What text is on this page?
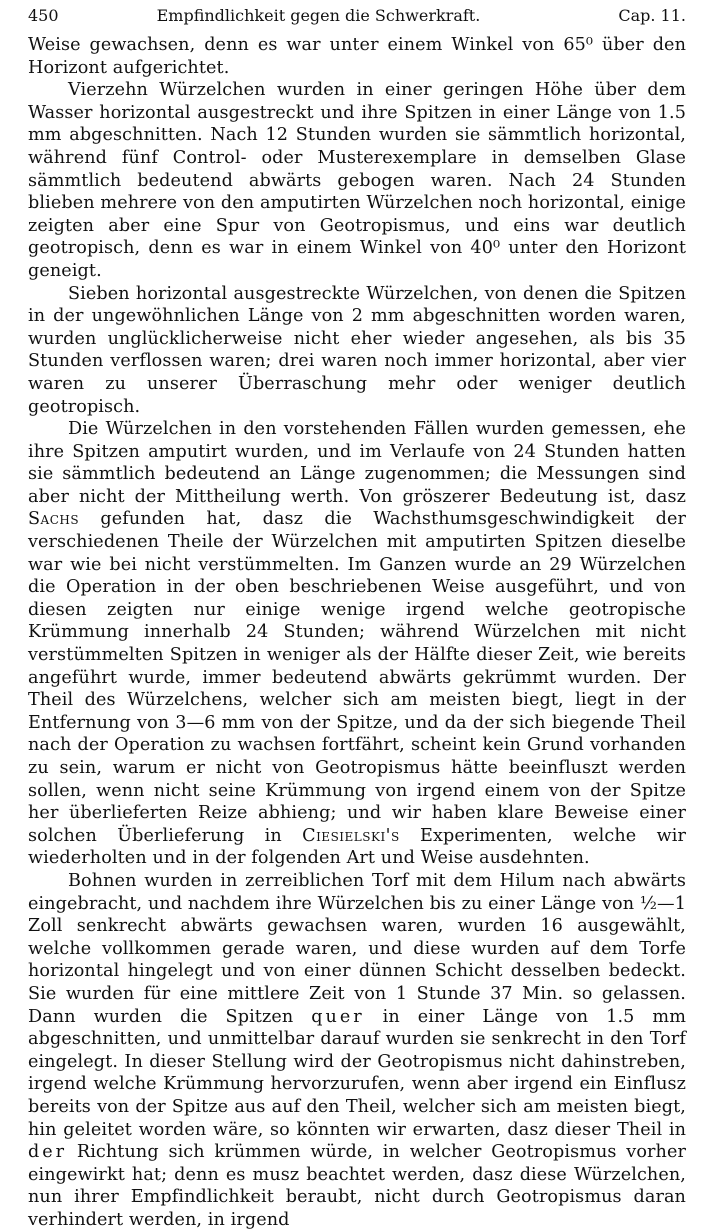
450	Empfindlichkeit gegen die Schwerkraft.	Cap. 11.

Weise gewachsen, denn es war unter einem Winkel von 65⁰ über den Horizont aufgerichtet.

Vierzehn Würzelchen wurden in einer geringen Höhe über dem Wasser horizontal ausgestreckt und ihre Spitzen in einer Länge von 1.5 mm abgeschnitten. Nach 12 Stunden wurden sie sämmtlich horizontal, während fünf Control- oder Musterexemplare in demselben Glase sämmtlich bedeutend abwärts gebogen waren. Nach 24 Stunden blieben mehrere von den amputirten Würzelchen noch horizontal, einige zeigten aber eine Spur von Geotropismus, und eins war deutlich geotropisch, denn es war in einem Winkel von 40⁰ unter den Horizont geneigt.

Sieben horizontal ausgestreckte Würzelchen, von denen die Spitzen in der ungewöhnlichen Länge von 2 mm abgeschnitten worden waren, wurden unglücklicherweise nicht eher wieder angesehen, als bis 35 Stunden verflossen waren; drei waren noch immer horizontal, aber vier waren zu unserer Überraschung mehr oder weniger deutlich geotropisch.

Die Würzelchen in den vorstehenden Fällen wurden gemessen, ehe ihre Spitzen amputirt wurden, und im Verlaufe von 24 Stunden hatten sie sämmtlich bedeutend an Länge zugenommen; die Messungen sind aber nicht der Mittheilung werth. Von gröszerer Bedeutung ist, dasz Sachs gefunden hat, dasz die Wachsthumsgeschwindigkeit der verschiedenen Theile der Würzelchen mit amputirten Spitzen dieselbe war wie bei nicht verstümmelten. Im Ganzen wurde an 29 Würzelchen die Operation in der oben beschriebenen Weise ausgeführt, und von diesen zeigten nur einige wenige irgend welche geotropische Krümmung innerhalb 24 Stunden; während Würzelchen mit nicht verstümmelten Spitzen in weniger als der Hälfte dieser Zeit, wie bereits angeführt wurde, immer bedeutend abwärts gekrümmt wurden. Der Theil des Würzelchens, welcher sich am meisten biegt, liegt in der Entfernung von 3—6 mm von der Spitze, und da der sich biegende Theil nach der Operation zu wachsen fortfährt, scheint kein Grund vorhanden zu sein, warum er nicht von Geotropismus hätte beeinfluszt werden sollen, wenn nicht seine Krümmung von irgend einem von der Spitze her überlieferten Reize abhieng; und wir haben klare Beweise einer solchen Überlieferung in Ciesielski's Experimenten, welche wir wiederholten und in der folgenden Art und Weise ausdehnten.

Bohnen wurden in zerreiblichen Torf mit dem Hilum nach abwärts eingebracht, und nachdem ihre Würzelchen bis zu einer Länge von ½—1 Zoll senkrecht abwärts gewachsen waren, wurden 16 ausgewählt, welche vollkommen gerade waren, und diese wurden auf dem Torfe horizontal hingelegt und von einer dünnen Schicht desselben bedeckt. Sie wurden für eine mittlere Zeit von 1 Stunde 37 Min. so gelassen. Dann wurden die Spitzen quer in einer Länge von 1.5 mm abgeschnitten, und unmittelbar darauf wurden sie senkrecht in den Torf eingelegt. In dieser Stellung wird der Geotropismus nicht dahinstreben, irgend welche Krümmung hervorzurufen, wenn aber irgend ein Einflusz bereits von der Spitze aus auf den Theil, welcher sich am meisten biegt, hin geleitet worden wäre, so könnten wir erwarten, dasz dieser Theil in der Richtung sich krümmen würde, in welcher Geotropismus vorher eingewirkt hat; denn es musz beachtet werden, dasz diese Würzelchen, nun ihrer Empfindlichkeit beraubt, nicht durch Geotropismus daran verhindert werden, in irgend
